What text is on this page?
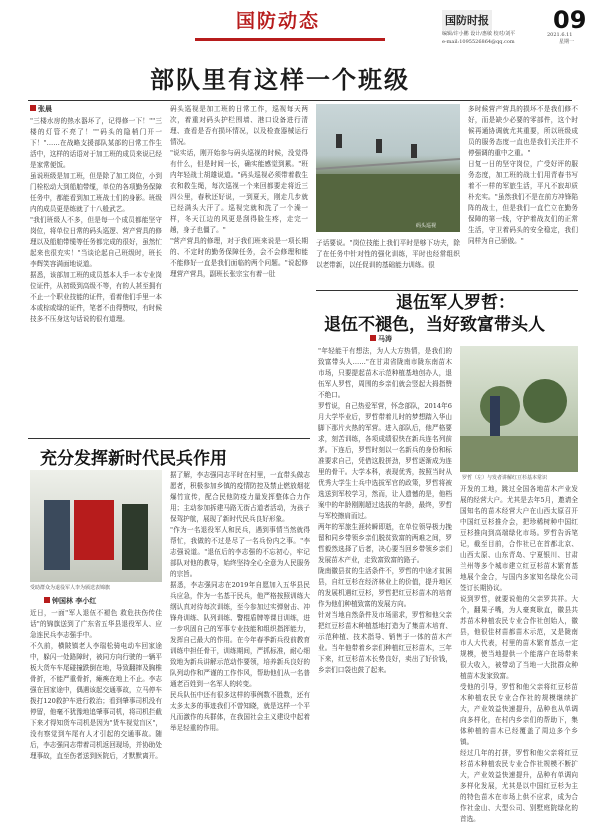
国防动态	国防时报	09
2021.6.11
星期一
编辑/许小鹏 设计/惠敏 校对/刘平
e-mail:1095526864@qq.com
部队里有这样一个班级
张晨
"三楼水房的热水器坏了，记得修一下！""三楼的灯管不亮了！""码头的隐梢门开一下！"……在战略支援部队某部的日常工作生活中，这样的话语对于加工班的成员来说已经是家常便饭。
虽说班级是加工班，但是除了加工岗位，小到门栓松动大到船舶带缆，单位的各项勤务保障任务中，都能看到加工班战士们的身影。班级内的成员更是练就了十八般武艺。
"我们班级人不多，但是每一个成员都能坚守岗位，将单位日常的码头巡逻、营产营具的修理以及船舶带缆等任务都完成的很好，虽然忙起来也很充实！"当谈论起自己班级时，班长李辉笑容满面地说道。
据悉，该部加工班的成员基本人手一本专业岗位证件，从初级到高级不等，有的人甚至拥有不止一个职业技能的证件，看着他们手里一本本或棕或绿的证件，笔者不由得赞叹，有时候技多不压身这句话说的很有道理。
码头巡视是加工班的日常工作，巡视每天两次，着重对码头护栏围墙、港口设备进行清理、查看是否有损坏情况，以及检查器械运行情况。
"说实话，刚开始参与码头巡视的时候，没觉得有什么，但是时间一长，确实能感觉到累。"班内年轻战士胡雄说道。"码头巡视必须带着救生衣和救生绳，每次巡视一个来回都要走将近三四公里，春秋还好说，一到夏天，刚走几步就已经满头大汗了。巡视完就和洗了一个澡一样，冬天江边的风更是刮得脸生疼，走完一趟，身子也僵了。"
"营产营具的修理，对于我们班来说是一项长期的、不定时的勤务保障任务，会不会修理和能不能修好一直是我们面临的两个问题。"说起修理营产营具，副班长张宗宝有着一肚
码头巡视
子话要说。"岗位技能上我们平时是够下功夫，除了在任务中针对性的强化训练，平时也经常组织以老带新，以任促训的基础能力训练。很
多时候营产营具的损坏不是我们修不好，而是缺少必要的零部件，这个时候再通协调就尤其重要，所以班级成员的服务态度一直也是我们关注并不停强调的重中之重。"
日复一日的坚守岗位，广受好评的服务态度，加工班的战士们用青春书写着不一样的军旅生活，平凡不寂却质朴充实。"虽然我们不是在前方冲锋陷阵的战士，但是我们一直伫立在勤务保障的第一线，守护着战友们的正常生活，守卫着码头的安全稳定，我们同样为自己骄傲。"
退伍军人罗哲：
退伍不褪色，当好致富带头人
马涛
"年轻能干有想法，为人大方热情，是我们的致富带头人……"在甘肃省陇南市陇东南苗木市场，只要提起苗木示范种植基地创办人，退伍军人罗哲，周围的乡亲们就会竖起大拇指赞不绝口。
罗哲说，自己热爱军营，怀念部队，2014年6月大学毕业后，罗哲带着儿时的梦想踏入华山脚下那片火热的军营。进入部队后，他严格要求，刻苦训练，各项成绩很快在新兵连名列前茅。下连后，罗哲时刻以一名新兵的身份和标准要求自己，凭借这股拼劲，罗哲逐渐成为连里的骨干。大学本科，表现优秀，按照当时从优秀大学生士兵中选拔军官的政策，罗哲将被选送到军校学习，然而，让人遗憾的是，他档案中的年龄刚刚超过选拔的年龄，最终，罗哲与军校擦肩而过。
两年的军旅生涯转瞬即逝，在单位领导极力挽留和同乡带领乡亲们脱贫致富的两难之间，罗哲毅然选择了后者，决心要当回乡带领乡亲们发展苗木产业，走致富致富的路子。
陇南徽县贫的生活条件不，罗哲的中途才贫困县，自红豆杉在经济林业上的价值，提升地区的发展机遇红豆杉，罗哲把红豆杉苗木的培育作为他们种植致富的发展方向。
针对当地自然条件及市场需求，罗哲和他父亲把红豆杉苗木种植基地打造为了集苗木培育、示范种植、技术指导、销售于一体的苗木产业。当年他带着乡亲们种植红豆杉苗木，三年下来，红豆杉苗木长势良好，卖出了好价钱，乡亲们口袋也鼓了起来。
罗哲（左）与发者讲解红豆杉基本常识
开发的工地，跳过全国各地苗木产业发展的经营大户。尤其是去年5月，邀请全国知名的苗木经营大户在山西太原召开中国红豆杉推介会，把珍稀树种中国红豆杉推向到高端绿化市场。罗哲告诉笔记，截至目前，合作社已在首都北京、山西太原、山东青岛、宁夏银川、甘肃兰州等多个城市建立红豆杉苗木繁育基地展个金合，与国内多家知名绿化公司签订长期协议。
说到罗哲，就要说他的父亲罗共祥。大个，翻果子嘴，为人豪爽耿直，徽县共苏苗木种植农民专业合作社创始人，徽县，他很佳材苗都苗木示范，又是陇南市人大代表，村里的苗木繁育基点一定规模，使当地提供一个能落户在场带来很大收入，被带动了当地一大批群众种植苗木发家致富。
受他的引导，罗哲和他父亲将红豆杉苗木种植农民专业合作社的规模继续扩大，产业效益快速提升，品种也从单调向多样化，在村内乡亲们的帮助下，集体种植的苗木已经覆盖了周边多个乡镇。
经过几年的打拼，罗哲和他父亲将红豆杉苗木种植农民专业合作社规模不断扩大，产业效益快速提升，品种有单调向多样化发展，尤其是以中国红豆杉为主的特色苗木在市场上供不应求，成为合作社金山、大型公司、别墅庭院绿化的首选。
充分发挥新时代民兵作用
受助群众为退役军人李为颁送表锦旗
钟国林 李小红
近日，一面"军人退伍不褪色 救危扶伤传佳话"的锦旗送到了广东省五华县退役军人、应急连民兵李志强手中。
不久前，横陂镇老人李瑞松骑电动车回家途中，躲闪一处路障时，被同方向行驶的一辆平板大货车车尾碰撞跌倒在地，导致翻摔及胸椎骨折，不能严重骨折，瘫痪在地上不止。李志强在回家途中，偶遇该起交通事故，立马停车拨打120救护车进行救治；看到肇事司机没有停留，他毫不犹豫地追肇事司机，将司机拦截下来才得知货车司机是因为"货车视觉盲区"，没有察觉到车尾有人才引起的交通事故。随后，李志强同志带着司机返回现场，并协助处理事故，直至伤者送到医院后，才默默离开。
据了解，李志强同志平时在村里，一直带头做志愿者，积极参加乡镇的疫情防控及禁止燃放烟花爆竹宣传，配合民他防疫力量发挥整体合力作用；主动参加拆建马路无街占道者活动，为孩子保驾护航，展现了新时代民兵良好形象。
"作为一名退役军人和民兵，遇到事情当然就得帮忙，我做的不过是尽了一名兵份内之事。"李志强说道。"退伍后的李志强的不忘初心，牢记部队对他的教导，始终坚持全心全意为人民服务的宗旨。
据悉，李志强同志在2019年自愿加入五华县民兵应急，作为一名基干民兵，他严格按照训练大纲认真对待每次训练，至今参加过实弹射击、冲锋舟训练、队列训练、警棍盾牌等课目训练，进一步巩固自己的军事专业技能和组织指挥能力，发挥自己最大的作用。在今年春季新兵役前教育训练中担任骨干，训练期间，严抓标准，耐心细致地为新兵讲解示范动作要领，培养新兵良好的队列动作和严谨的工作作风，帮助他们从一名普通老百姓到一名军人的转变。
民兵队伍中还有很多这样的事例数不胜数，还有太多太多的事迹我们不曾知晓，就是这样一个平凡而激作的兵群体，在我国社会主义建设中起着举足轻重的作用。
